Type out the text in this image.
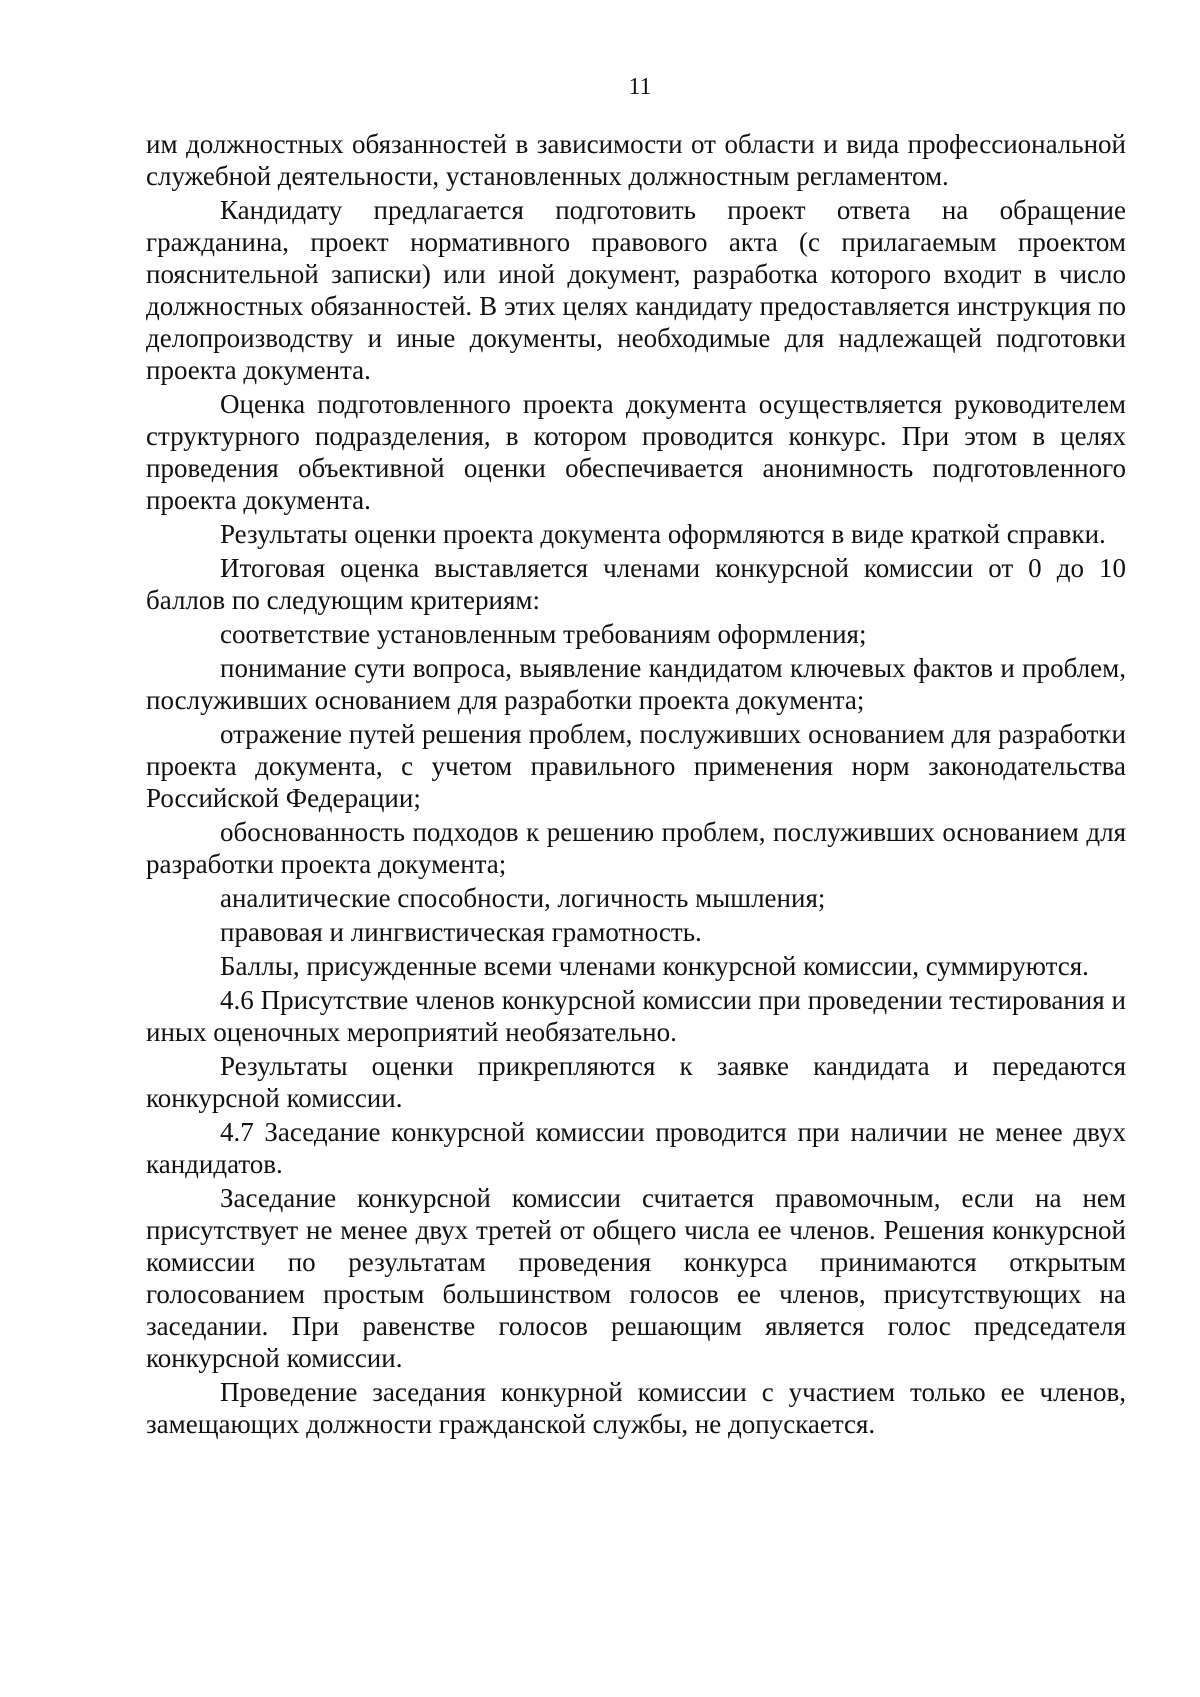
11

им должностных обязанностей в зависимости от области и вида профессиональной служебной деятельности, установленных должностным регламентом.

Кандидату предлагается подготовить проект ответа на обращение гражданина, проект нормативного правового акта (с прилагаемым проектом пояснительной записки) или иной документ, разработка которого входит в число должностных обязанностей. В этих целях кандидату предоставляется инструкция по делопроизводству и иные документы, необходимые для надлежащей подготовки проекта документа.

Оценка подготовленного проекта документа осуществляется руководителем структурного подразделения, в котором проводится конкурс. При этом в целях проведения объективной оценки обеспечивается анонимность подготовленного проекта документа.

Результаты оценки проекта документа оформляются в виде краткой справки.

Итоговая оценка выставляется членами конкурсной комиссии от 0 до 10 баллов по следующим критериям:

соответствие установленным требованиям оформления;

понимание сути вопроса, выявление кандидатом ключевых фактов и проблем, послуживших основанием для разработки проекта документа;

отражение путей решения проблем, послуживших основанием для разработки проекта документа, с учетом правильного применения норм законодательства Российской Федерации;

обоснованность подходов к решению проблем, послуживших основанием для разработки проекта документа;

аналитические способности, логичность мышления;

правовая и лингвистическая грамотность.

Баллы, присужденные всеми членами конкурсной комиссии, суммируются.

4.6 Присутствие членов конкурсной комиссии при проведении тестирования и иных оценочных мероприятий необязательно.

Результаты оценки прикрепляются к заявке кандидата и передаются конкурсной комиссии.

4.7 Заседание конкурсной комиссии проводится при наличии не менее двух кандидатов.

Заседание конкурсной комиссии считается правомочным, если на нем присутствует не менее двух третей от общего числа ее членов. Решения конкурсной комиссии по результатам проведения конкурса принимаются открытым голосованием простым большинством голосов ее членов, присутствующих на заседании. При равенстве голосов решающим является голос председателя конкурсной комиссии.

Проведение заседания конкурной комиссии с участием только ее членов, замещающих должности гражданской службы, не допускается.
